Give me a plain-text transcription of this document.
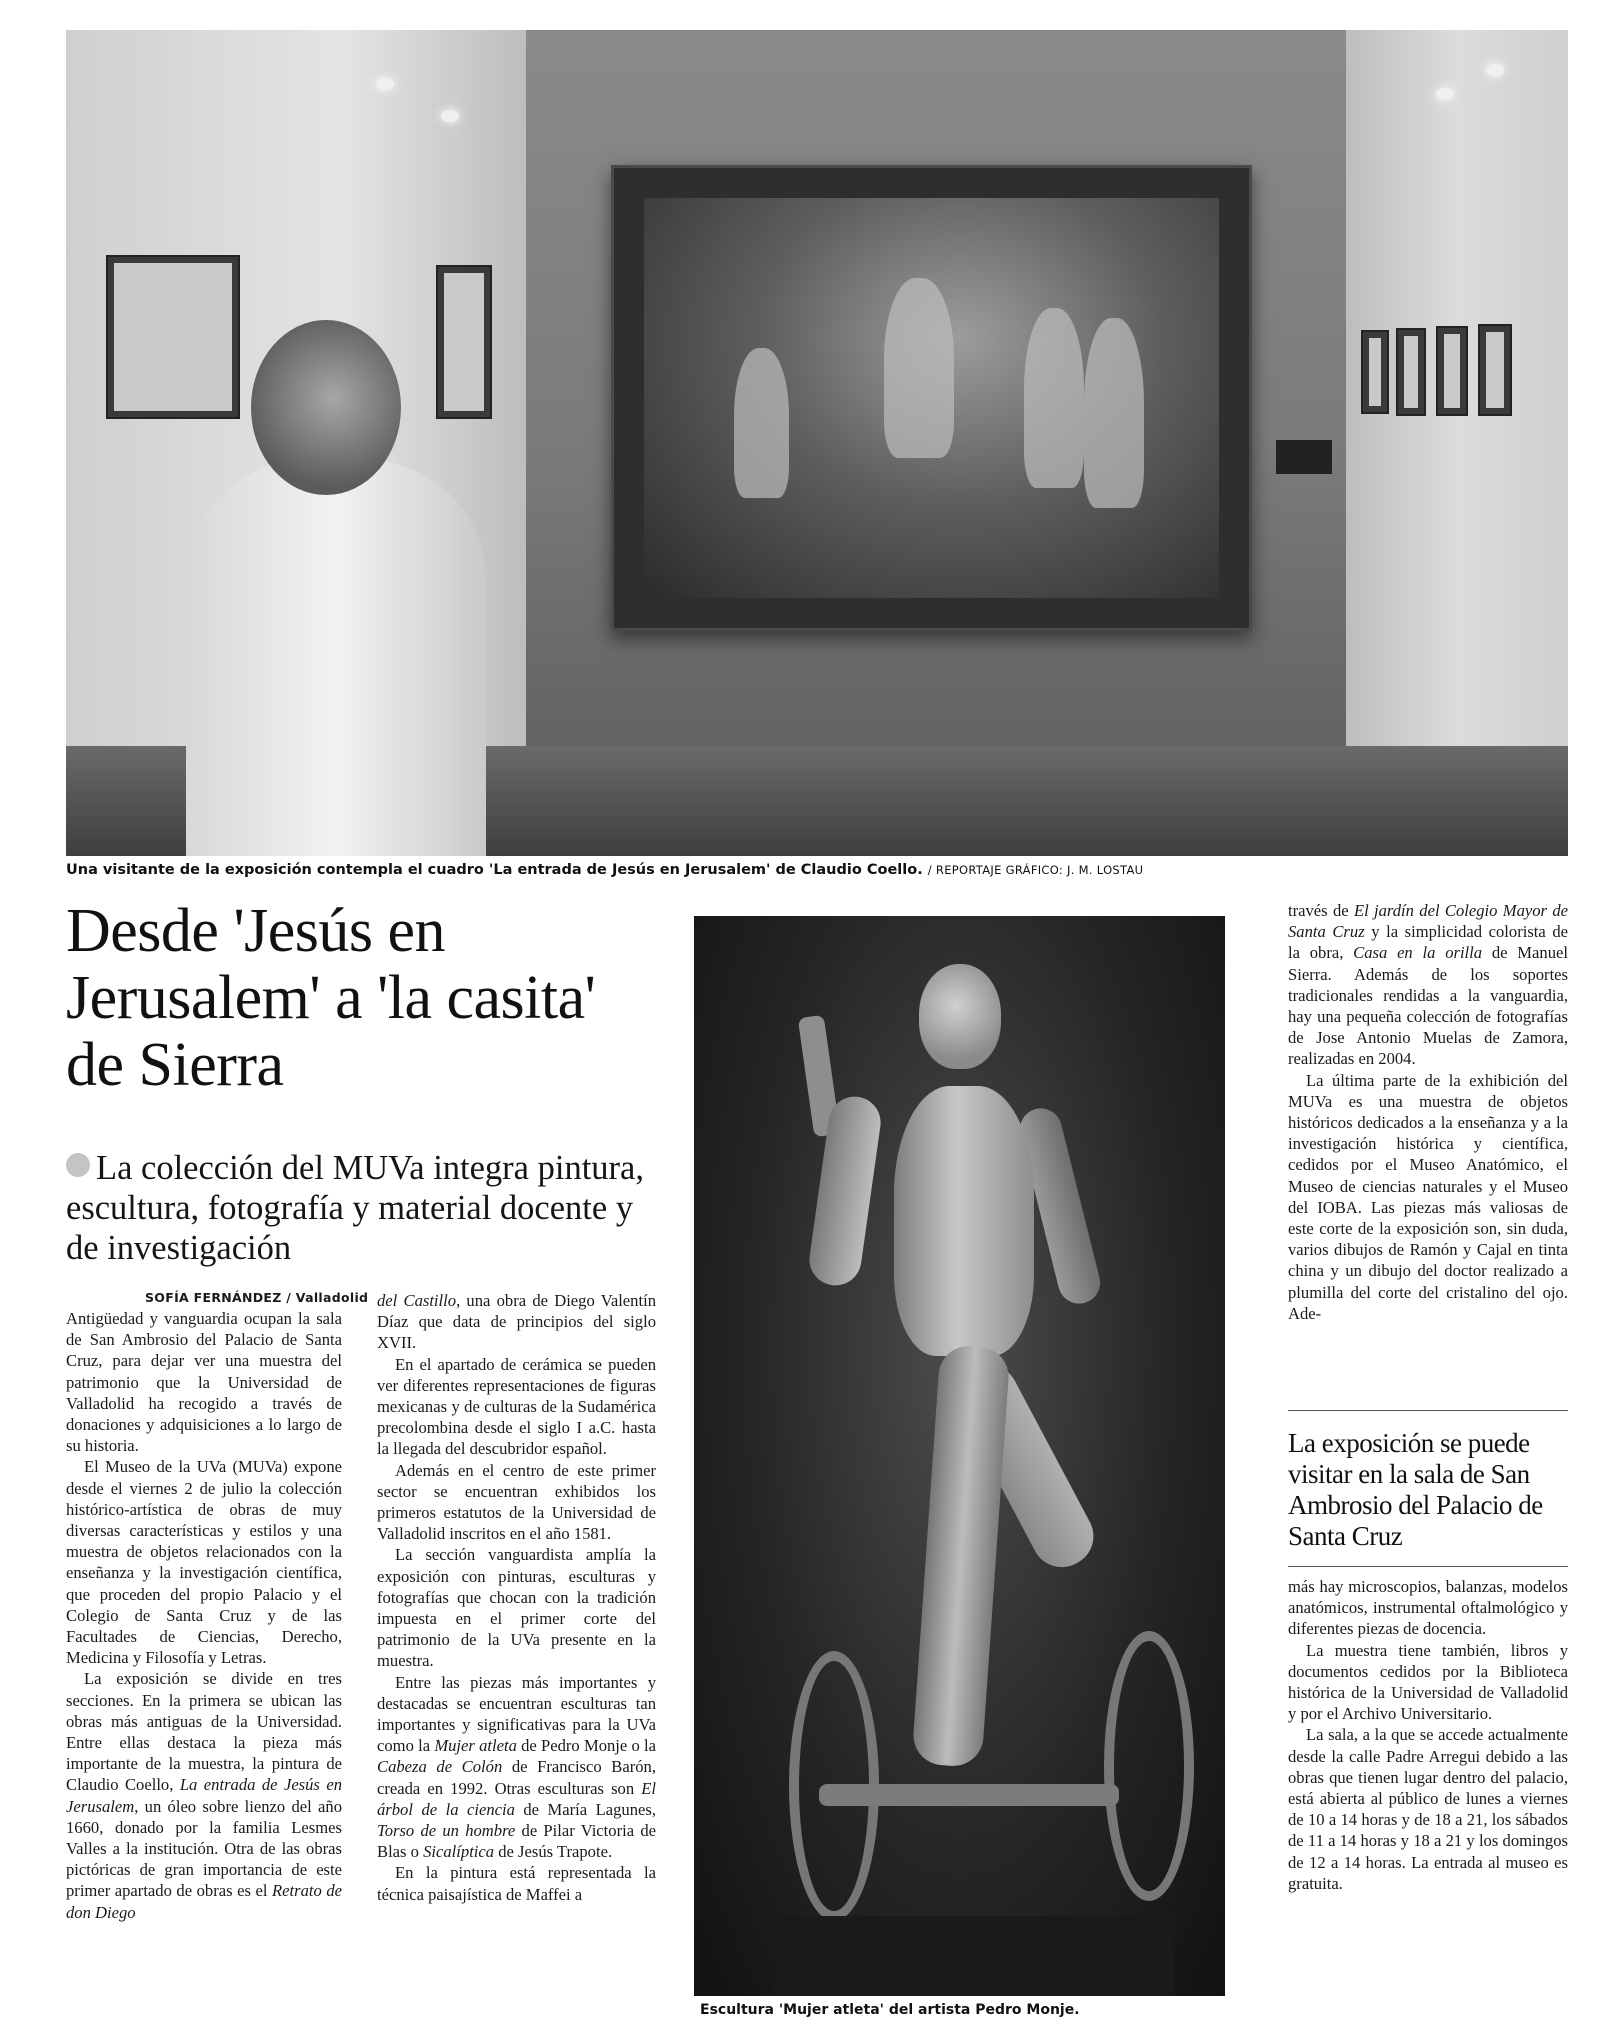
Una visitante de la exposición contempla el cuadro 'La entrada de Jesús en Jerusalem' de Claudio Coello. / REPORTAJE GRÁFICO: J. M. LOSTAU
Desde 'Jesús en Jerusalem' a 'la casita' de Sierra
La colección del MUVa integra pintura, escultura, fotografía y material docente y de investigación
SOFÍA FERNÁNDEZ / Valladolid

Antigüedad y vanguardia ocupan la sala de San Ambrosio del Palacio de Santa Cruz, para dejar ver una muestra del patrimonio que la Universidad de Valladolid ha recogido a través de donaciones y adquisiciones a lo largo de su historia.

El Museo de la UVa (MUVa) expone desde el viernes 2 de julio la colección histórico-artística de obras de muy diversas características y estilos y una muestra de objetos relacionados con la enseñanza y la investigación científica, que proceden del propio Palacio y el Colegio de Santa Cruz y de las Facultades de Ciencias, Derecho, Medicina y Filosofía y Letras.

La exposición se divide en tres secciones. En la primera se ubican las obras más antiguas de la Universidad. Entre ellas destaca la pieza más importante de la muestra, la pintura de Claudio Coello, La entrada de Jesús en Jerusalem, un óleo sobre lienzo del año 1660, donado por la familia Lesmes Valles a la institución. Otra de las obras pictóricas de gran importancia de este primer apartado de obras es el Retrato de don Diego

del Castillo, una obra de Diego Valentín Díaz que data de principios del siglo XVII.

En el apartado de cerámica se pueden ver diferentes representaciones de figuras mexicanas y de culturas de la Sudamérica precolombina desde el siglo I a.C. hasta la llegada del descubridor español.

Además en el centro de este primer sector se encuentran exhibidos los primeros estatutos de la Universidad de Valladolid inscritos en el año 1581.

La sección vanguardista amplía la exposición con pinturas, esculturas y fotografías que chocan con la tradición impuesta en el primer corte del patrimonio de la UVa presente en la muestra.

Entre las piezas más importantes y destacadas se encuentran esculturas tan importantes y significativas para la UVa como la Mujer atleta de Pedro Monje o la Cabeza de Colón de Francisco Barón, creada en 1992. Otras esculturas son El árbol de la ciencia de María Lagunes, Torso de un hombre de Pilar Victoria de Blas o Sicalíptica de Jesús Trapote.

En la pintura está representada la técnica paisajística de Maffei a

Escultura 'Mujer atleta' del artista Pedro Monje.

través de El jardín del Colegio Mayor de Santa Cruz y la simplicidad colorista de la obra, Casa en la orilla de Manuel Sierra. Además de los soportes tradicionales rendidas a la vanguardia, hay una pequeña colección de fotografías de Jose Antonio Muelas de Zamora, realizadas en 2004.

La última parte de la exhibición del MUVa es una muestra de objetos históricos dedicados a la enseñanza y a la investigación histórica y científica, cedidos por el Museo Anatómico, el Museo de ciencias naturales y el Museo del IOBA. Las piezas más valiosas de este corte de la exposición son, sin duda, varios dibujos de Ramón y Cajal en tinta china y un dibujo del doctor realizado a plumilla del corte del cristalino del ojo. Ade-

La exposición se puede visitar en la sala de San Ambrosio del Palacio de Santa Cruz

más hay microscopios, balanzas, modelos anatómicos, instrumental oftalmológico y diferentes piezas de docencia.

La muestra tiene también, libros y documentos cedidos por la Biblioteca histórica de la Universidad de Valladolid y por el Archivo Universitario.

La sala, a la que se accede actualmente desde la calle Padre Arregui debido a las obras que tienen lugar dentro del palacio, está abierta al público de lunes a viernes de 10 a 14 horas y de 18 a 21, los sábados de 11 a 14 horas y 18 a 21 y los domingos de 12 a 14 horas. La entrada al museo es gratuita.
